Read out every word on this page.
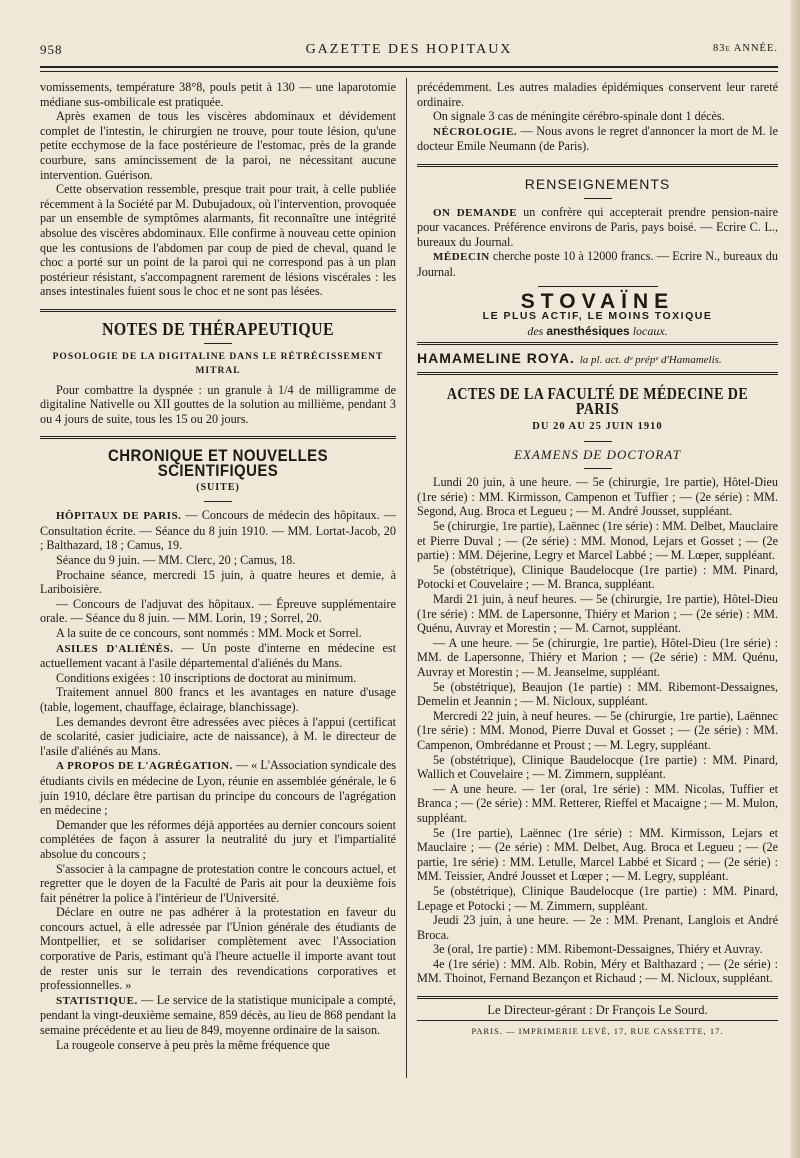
958	GAZETTE DES HOPITAUX	83e ANNÉE.

vomissements, température 38°8, pouls petit à 130 — une laparotomie médiane sus-ombilicale est pratiquée.

Après examen de tous les viscères abdominaux et dévidement complet de l'intestin, le chirurgien ne trouve, pour toute lésion, qu'une petite ecchymose de la face postérieure de l'estomac, près de la grande courbure, sans amincissement de la paroi, ne nécessitant aucune intervention. Guérison.

Cette observation ressemble, presque trait pour trait, à celle publiée récemment à la Société par M. Dubujadoux, où l'intervention, provoquée par un ensemble de symptômes alarmants, fit reconnaître une intégrité absolue des viscères abdominaux. Elle confirme à nouveau cette opinion que les contusions de l'abdomen par coup de pied de cheval, quand le choc a porté sur un point de la paroi qui ne correspond pas à un plan postérieur résistant, s'accompagnent rarement de lésions viscérales : les anses intestinales fuient sous le choc et ne sont pas lésées.

NOTES DE THÉRAPEUTIQUE
POSOLOGIE DE LA DIGITALINE DANS LE RÉTRÉCISSEMENT MITRAL

Pour combattre la dyspnée : un granule à 1/4 de milligramme de digitaline Nativelle ou XII gouttes de la solution au millième, pendant 3 ou 4 jours de suite, tous les 15 ou 20 jours.

CHRONIQUE ET NOUVELLES SCIENTIFIQUES
(SUITE)

HÔPITAUX DE PARIS. — Concours de médecin des hôpitaux. — Consultation écrite. — Séance du 8 juin 1910. — MM. Lortat-Jacob, 20 ; Balthazard, 18 ; Camus, 19.

Séance du 9 juin. — MM. Clerc, 20 ; Camus, 18.

Prochaine séance, mercredi 15 juin, à quatre heures et demie, à Lariboisière.

— Concours de l'adjuvat des hôpitaux. — Épreuve supplémentaire orale. — Séance du 8 juin. — MM. Lorin, 19 ; Sorrel, 20.

A la suite de ce concours, sont nommés : MM. Mock et Sorrel.

ASILES D'ALIÉNÉS. — Un poste d'interne en médecine est actuellement vacant à l'asile départemental d'aliénés du Mans.

Conditions exigées : 10 inscriptions de doctorat au minimum.

Traitement annuel 800 francs et les avantages en nature d'usage (table, logement, chauffage, éclairage, blanchissage).

Les demandes devront être adressées avec pièces à l'appui (certificat de scolarité, casier judiciaire, acte de naissance), à M. le directeur de l'asile d'aliénés au Mans.

A PROPOS DE L'AGRÉGATION. — « L'Association syndicale des étudiants civils en médecine de Lyon, réunie en assemblée générale, le 6 juin 1910, déclare être partisan du principe du concours de l'agrégation en médecine ;

Demander que les réformes déjà apportées au dernier concours soient complétées de façon à assurer la neutralité du jury et l'impartialité absolue du concours ;

S'associer à la campagne de protestation contre le concours actuel, et regretter que le doyen de la Faculté de Paris ait pour la deuxième fois fait pénétrer la police à l'intérieur de l'Université.

Déclare en outre ne pas adhérer à la protestation en faveur du concours actuel, à elle adressée par l'Union générale des étudiants de Montpellier, et se solidariser complètement avec l'Association corporative de Paris, estimant qu'à l'heure actuelle il importe avant tout de rester unis sur le terrain des revendications corporatives et professionnelles. »

STATISTIQUE. — Le service de la statistique municipale a compté, pendant la vingt-deuxième semaine, 859 décès, au lieu de 868 pendant la semaine précédente et au lieu de 849, moyenne ordinaire de la saison.

La rougeole conserve à peu près la même fréquence que

précédemment. Les autres maladies épidémiques conservent leur rareté ordinaire.

On signale 3 cas de méningite cérébro-spinale dont 1 décès.

NÉCROLOGIE. — Nous avons le regret d'annoncer la mort de M. le docteur Emile Neumann (de Paris).

RENSEIGNEMENTS

ON DEMANDE un confrère qui accepterait prendre pension-naire pour vacances. Préférence environs de Paris, pays boisé. — Ecrire C. L., bureaux du Journal.

MÉDECIN cherche poste 10 à 12000 francs. — Ecrire N., bureaux du Journal.

STOVAÏNE
LE PLUS ACTIF, LE MOINS TOXIQUE
des anesthésiques locaux.
HAMAMELINE ROYA. la pl. act. dᵉ prépᵉ d'Hamamelis.
ACTES DE LA FACULTÉ DE MÉDECINE DE PARIS
DU 20 AU 25 JUIN 1910
EXAMENS DE DOCTORAT

Lundi 20 juin, à une heure. — 5e (chirurgie, 1re partie), Hôtel-Dieu (1re série) : MM. Kirmisson, Campenon et Tuffier ; — (2e série) : MM. Segond, Aug. Broca et Legueu ; — M. André Jousset, suppléant.

5e (chirurgie, 1re partie), Laënnec (1re série) : MM. Delbet, Mauclaire et Pierre Duval ; — (2e série) : MM. Monod, Lejars et Gosset ; — (2e partie) : MM. Déjerine, Legry et Marcel Labbé ; — M. Lœper, suppléant.

5e (obstétrique), Clinique Baudelocque (1re partie) : MM. Pinard, Potocki et Couvelaire ; — M. Branca, suppléant.

Mardi 21 juin, à neuf heures. — 5e (chirurgie, 1re partie), Hôtel-Dieu (1re série) : MM. de Lapersonne, Thiéry et Marion ; — (2e série) : MM. Quénu, Auvray et Morestin ; — M. Carnot, suppléant.

— A une heure. — 5e (chirurgie, 1re partie), Hôtel-Dieu (1re série) : MM. de Lapersonne, Thiéry et Marion ; — (2e série) : MM. Quénu, Auvray et Morestin ; — M. Jeanselme, suppléant.

5e (obstétrique), Beaujon (1e partie) : MM. Ribemont-Dessaignes, Demelin et Jeannin ; — M. Nicloux, suppléant.

Mercredi 22 juin, à neuf heures. — 5e (chirurgie, 1re partie), Laënnec (1re série) : MM. Monod, Pierre Duval et Gosset ; — (2e série) : MM. Campenon, Ombrédanne et Proust ; — M. Legry, suppléant.

5e (obstétrique), Clinique Baudelocque (1re partie) : MM. Pinard, Wallich et Couvelaire ; — M. Zimmern, suppléant.

— A une heure. — 1er (oral, 1re série) : MM. Nicolas, Tuffier et Branca ; — (2e série) : MM. Retterer, Rieffel et Macaigne ; — M. Mulon, suppléant.

5e (1re partie), Laënnec (1re série) : MM. Kirmisson, Lejars et Mauclaire ; — (2e série) : MM. Delbet, Aug. Broca et Legueu ; — (2e partie, 1re série) : MM. Letulle, Marcel Labbé et Sicard ; — (2e série) : MM. Teissier, André Jousset et Lœper ; — M. Legry, suppléant.

5e (obstétrique), Clinique Baudelocque (1re partie) : MM. Pinard, Lepage et Potocki ; — M. Zimmern, suppléant.

Jeudi 23 juin, à une heure. — 2e : MM. Prenant, Langlois et André Broca.

3e (oral, 1re partie) : MM. Ribemont-Dessaignes, Thiéry et Auvray.

4e (1re série) : MM. Alb. Robin, Méry et Balthazard ; — (2e série) : MM. Thoinot, Fernand Bezançon et Richaud ; — M. Nicloux, suppléant.

Le Directeur-gérant : Dr François Le Sourd.
PARIS. — IMPRIMERIE LEVÉ, 17, RUE CASSETTE, 17.
